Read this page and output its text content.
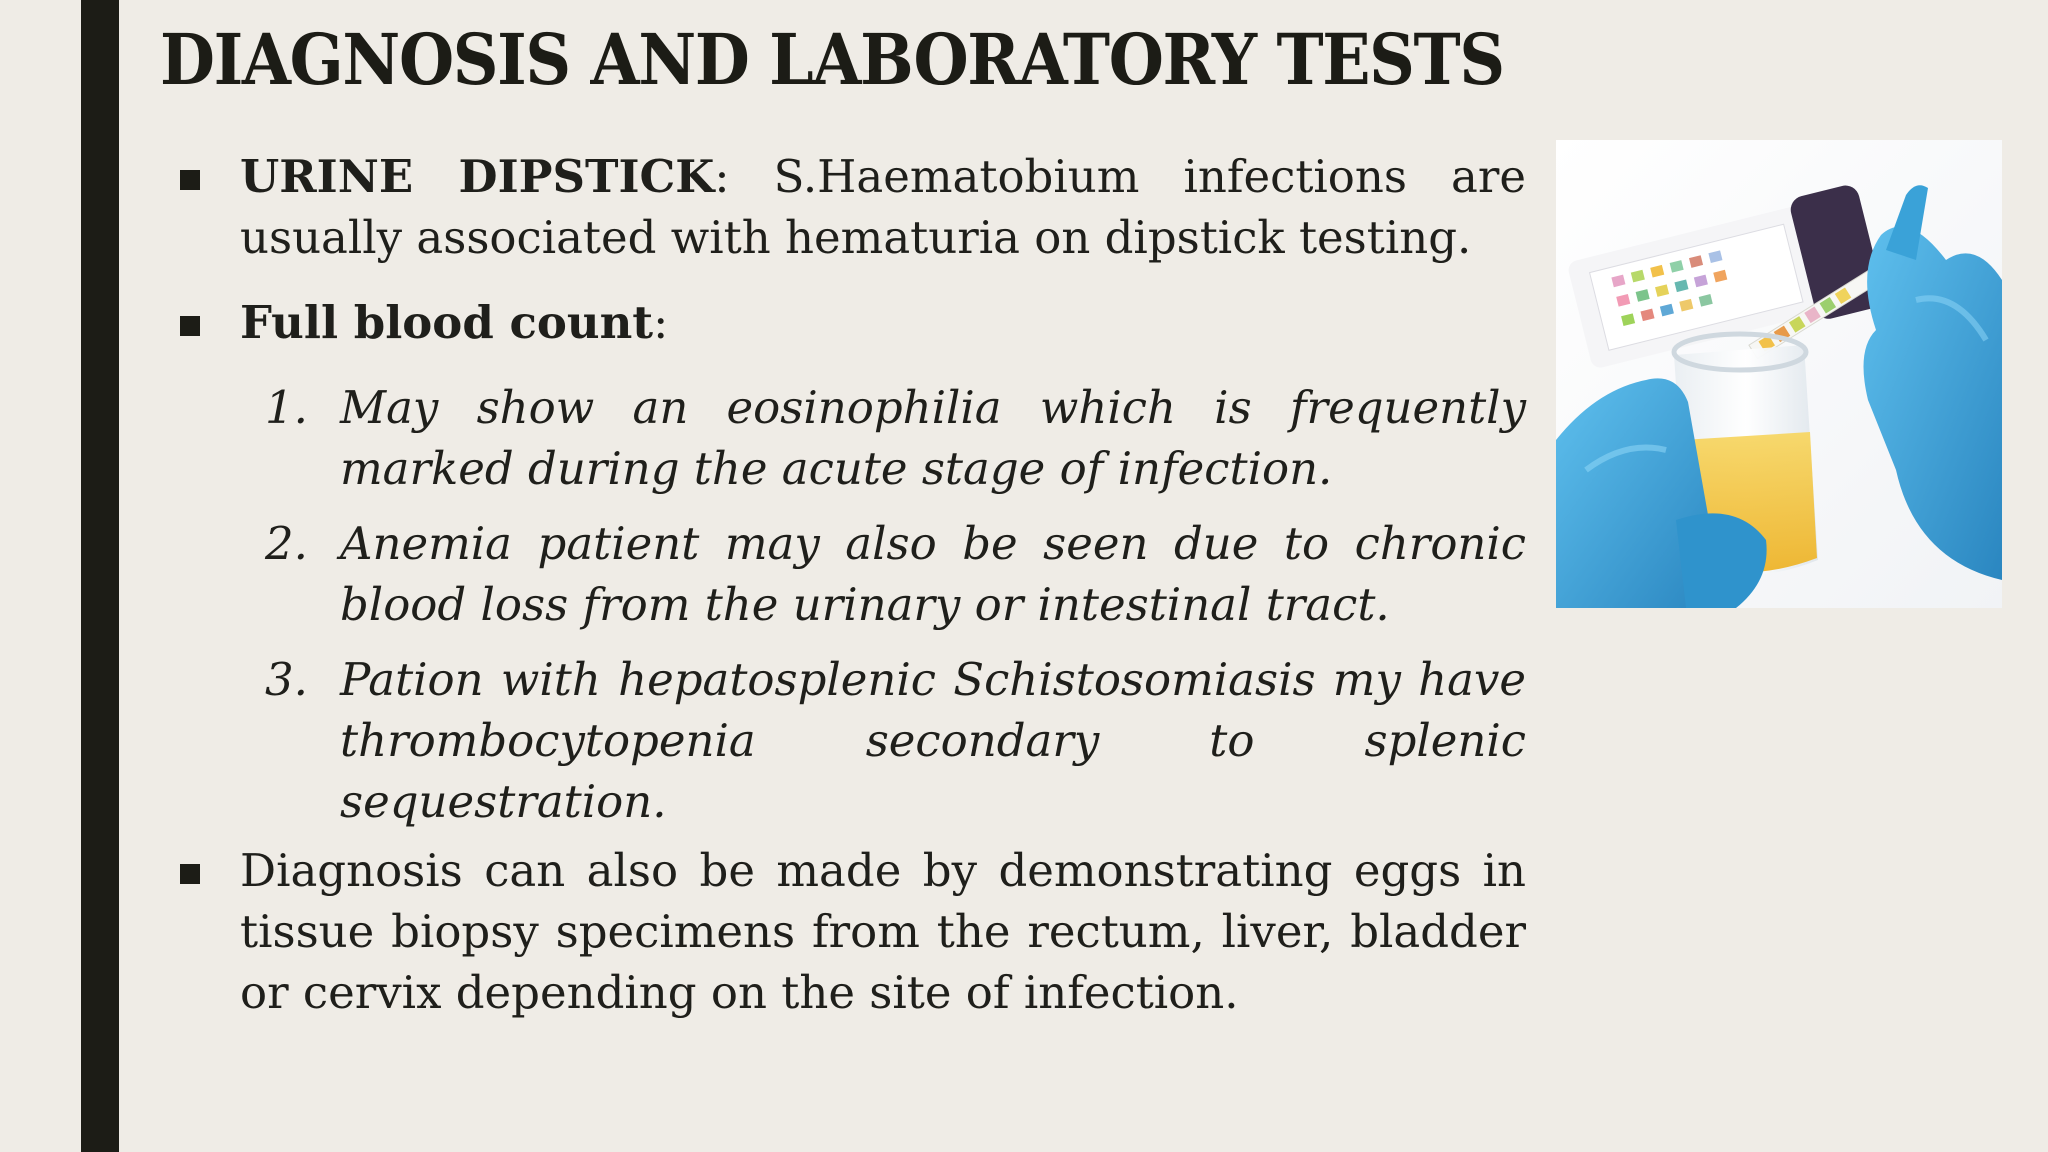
DIAGNOSIS AND LABORATORY TESTS
URINE DIPSTICK: S.Haematobium infections are usually associated with hematuria on dipstick testing.
Full blood count:
1. May show an eosinophilia which is frequently marked during the acute stage of infection.
2. Anemia patient may also be seen due to chronic blood loss from the urinary or intestinal tract.
3. Pation with hepatosplenic Schistosomiasis my have thrombocytopenia secondary to splenic sequestration.
Diagnosis can also be made by demonstrating eggs in tissue biopsy specimens from the rectum, liver, bladder or cervix depending on the site of infection.
